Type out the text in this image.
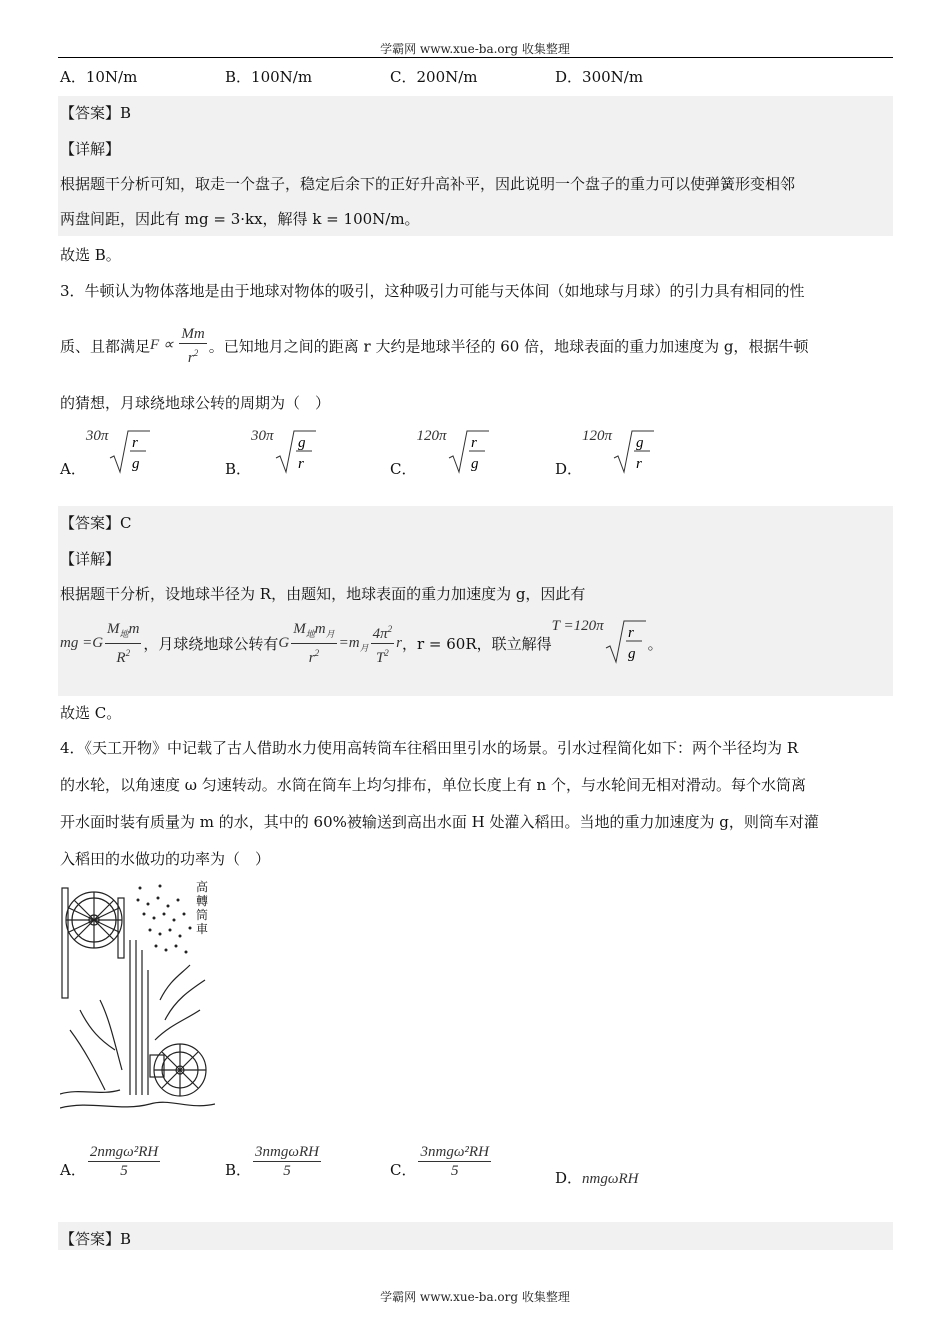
学霸网 www.xue-ba.org 收集整理
A．10N/m	B．100N/m	C．200N/m	D．300N/m
【答案】B
【详解】
根据题干分析可知，取走一个盘子，稳定后余下的正好升高补平，因此说明一个盘子的重力可以使弹簧形变相邻
两盘间距，因此有 mg = 3·kx，解得 k = 100N/m。
故选 B。
3．牛顿认为物体落地是由于地球对物体的吸引，这种吸引力可能与天体间（如地球与月球）的引力具有相同的性
质、且都满足$F \propto \frac{Mm}{r^2}$ 。已知地月之间的距离 r 大约是地球半径的 60 倍，地球表面的重力加速度为 g，根据牛顿
的猜想，月球绕地球公转的周期为（　）
A．30π r
g	B．30π g
r	C．120π r
g	D．120π g
r
【答案】C
【详解】
根据题干分析，设地球半径为 R，由题知，地球表面的重力加速度为 g，因此有
mg $=G \frac{M_地m}{R^2}$ ，月球绕地球公转有G $\frac{M_地m_月}{r^2} =m_月 \frac{4\pi^2}{T^2}$ r，r = 60R，联立解得T =120π r
g
。
故选 C。
4．《天工开物》中记载了古人借助水力使用高转筒车往稻田里引水的场景。引水过程简化如下：两个半径均为 R
的水轮，以角速度 ω 匀速转动。水筒在筒车上均匀排布，单位长度上有 n 个，与水轮间无相对滑动。每个水筒离
开水面时装有质量为 m 的水，其中的 60%被输送到高出水面 H 处灌入稻田。当地的重力加速度为 g，则筒车对灌
入稻田的水做功的功率为（　）
高轉筒車
A． $\frac{\text{2nmgω²RH}}{5}$	B． $\frac{\text{3nmgωRH}}{5}$	C． $\frac{\text{3nmgω²RH}}{5}$	D．nmgωRH
【答案】B
学霸网 www.xue-ba.org 收集整理
